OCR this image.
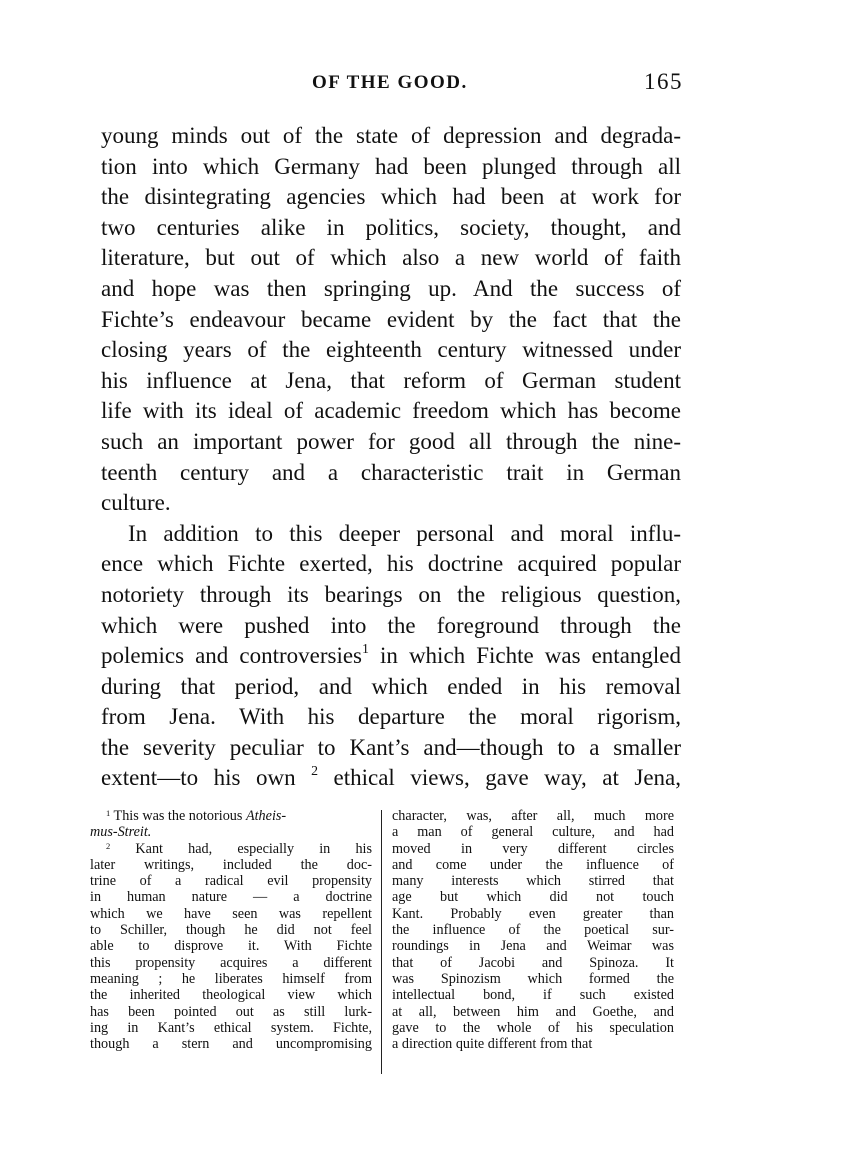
OF THE GOOD.	165
young minds out of the state of depression and degrada-
tion into which Germany had been plunged through all
the disintegrating agencies which had been at work for
two centuries alike in politics, society, thought, and
literature, but out of which also a new world of faith
and hope was then springing up. And the success of
Fichte’s endeavour became evident by the fact that the
closing years of the eighteenth century witnessed under
his influence at Jena, that reform of German student
life with its ideal of academic freedom which has become
such an important power for good all through the nine-
teenth century and a characteristic trait in German
culture.
In addition to this deeper personal and moral influ-
ence which Fichte exerted, his doctrine acquired popular
notoriety through its bearings on the religious question,
which were pushed into the foreground through the
polemics and controversies$^1$ in which Fichte was entangled
during that period, and which ended in his removal
from Jena. With his departure the moral rigorism,
the severity peculiar to Kant’s and—though to a smaller
extent—to his own $^2$ ethical views, gave way, at Jena,
$^1$ This was the notorious Atheis-
mus-Streit.
$^2$ Kant had, especially in his
later writings, included the doc-
trine of a radical evil propensity
in human nature — a doctrine
which we have seen was repellent
to Schiller, though he did not feel
able to disprove it. With Fichte
this propensity acquires a different
meaning ; he liberates himself from
the inherited theological view which
has been pointed out as still lurk-
ing in Kant’s ethical system. Fichte,
though a stern and uncompromising
character, was, after all, much more
a man of general culture, and had
moved in very different circles
and come under the influence of
many interests which stirred that
age but which did not touch
Kant. Probably even greater than
the influence of the poetical sur-
roundings in Jena and Weimar was
that of Jacobi and Spinoza. It
was Spinozism which formed the
intellectual bond, if such existed
at all, between him and Goethe, and
gave to the whole of his speculation
a direction quite different from that
